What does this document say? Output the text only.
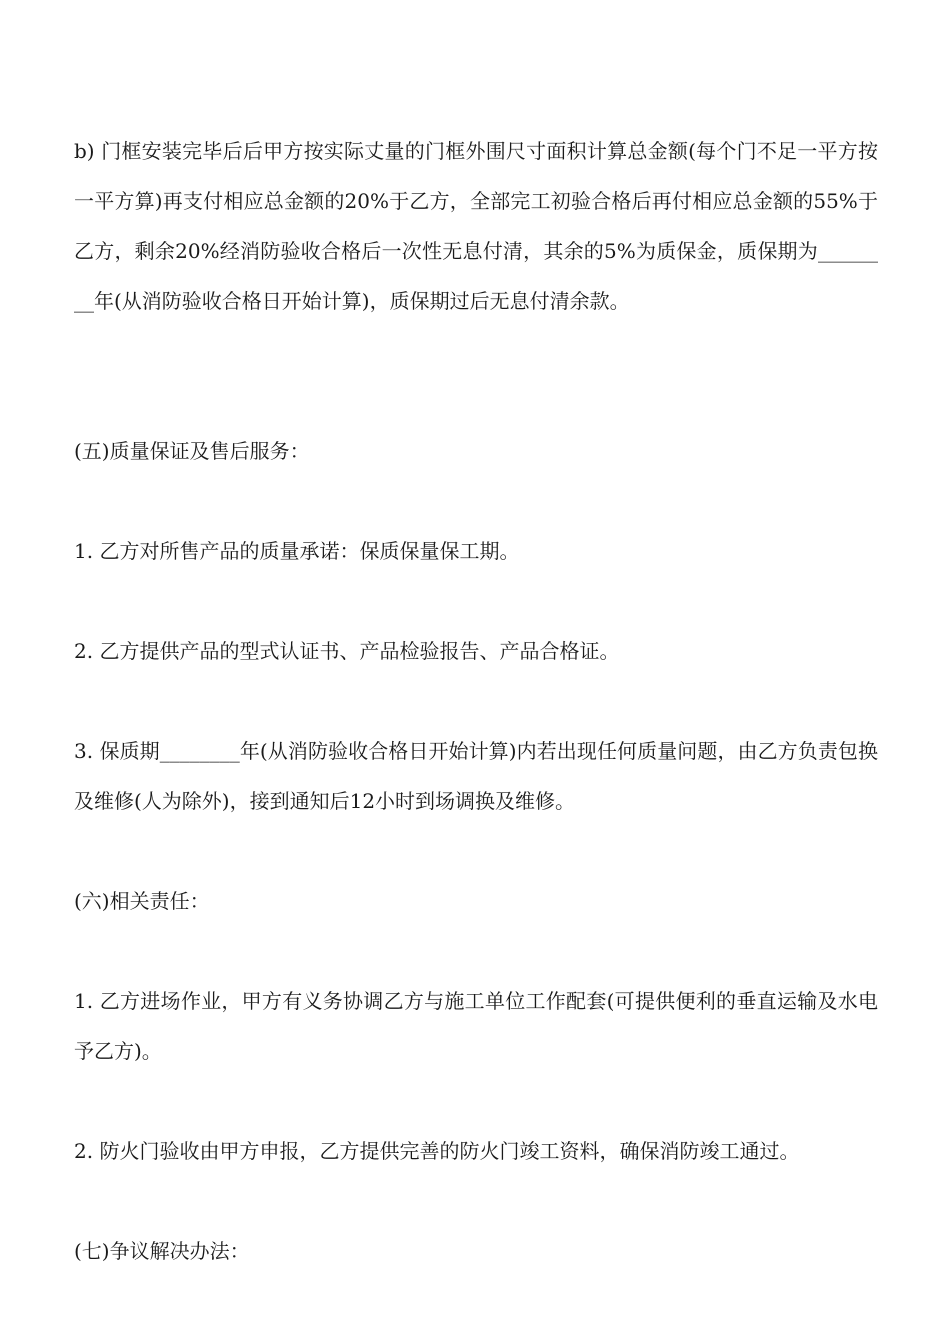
b) 门框安装完毕后后甲方按实际丈量的门框外围尺寸面积计算总金额(每个门不足一平方按一平方算)再支付相应总金额的20%于乙方，全部完工初验合格后再付相应总金额的55%于乙方，剩余20%经消防验收合格后一次性无息付清，其余的5%为质保金，质保期为________年(从消防验收合格日开始计算)，质保期过后无息付清余款。

(五)质量保证及售后服务：

1. 乙方对所售产品的质量承诺：保质保量保工期。

2. 乙方提供产品的型式认证书、产品检验报告、产品合格证。

3. 保质期________年(从消防验收合格日开始计算)内若出现任何质量问题，由乙方负责包换及维修(人为除外)，接到通知后12小时到场调换及维修。

(六)相关责任：

1. 乙方进场作业，甲方有义务协调乙方与施工单位工作配套(可提供便利的垂直运输及水电予乙方)。

2. 防火门验收由甲方申报，乙方提供完善的防火门竣工资料，确保消防竣工通过。

(七)争议解决办法：
